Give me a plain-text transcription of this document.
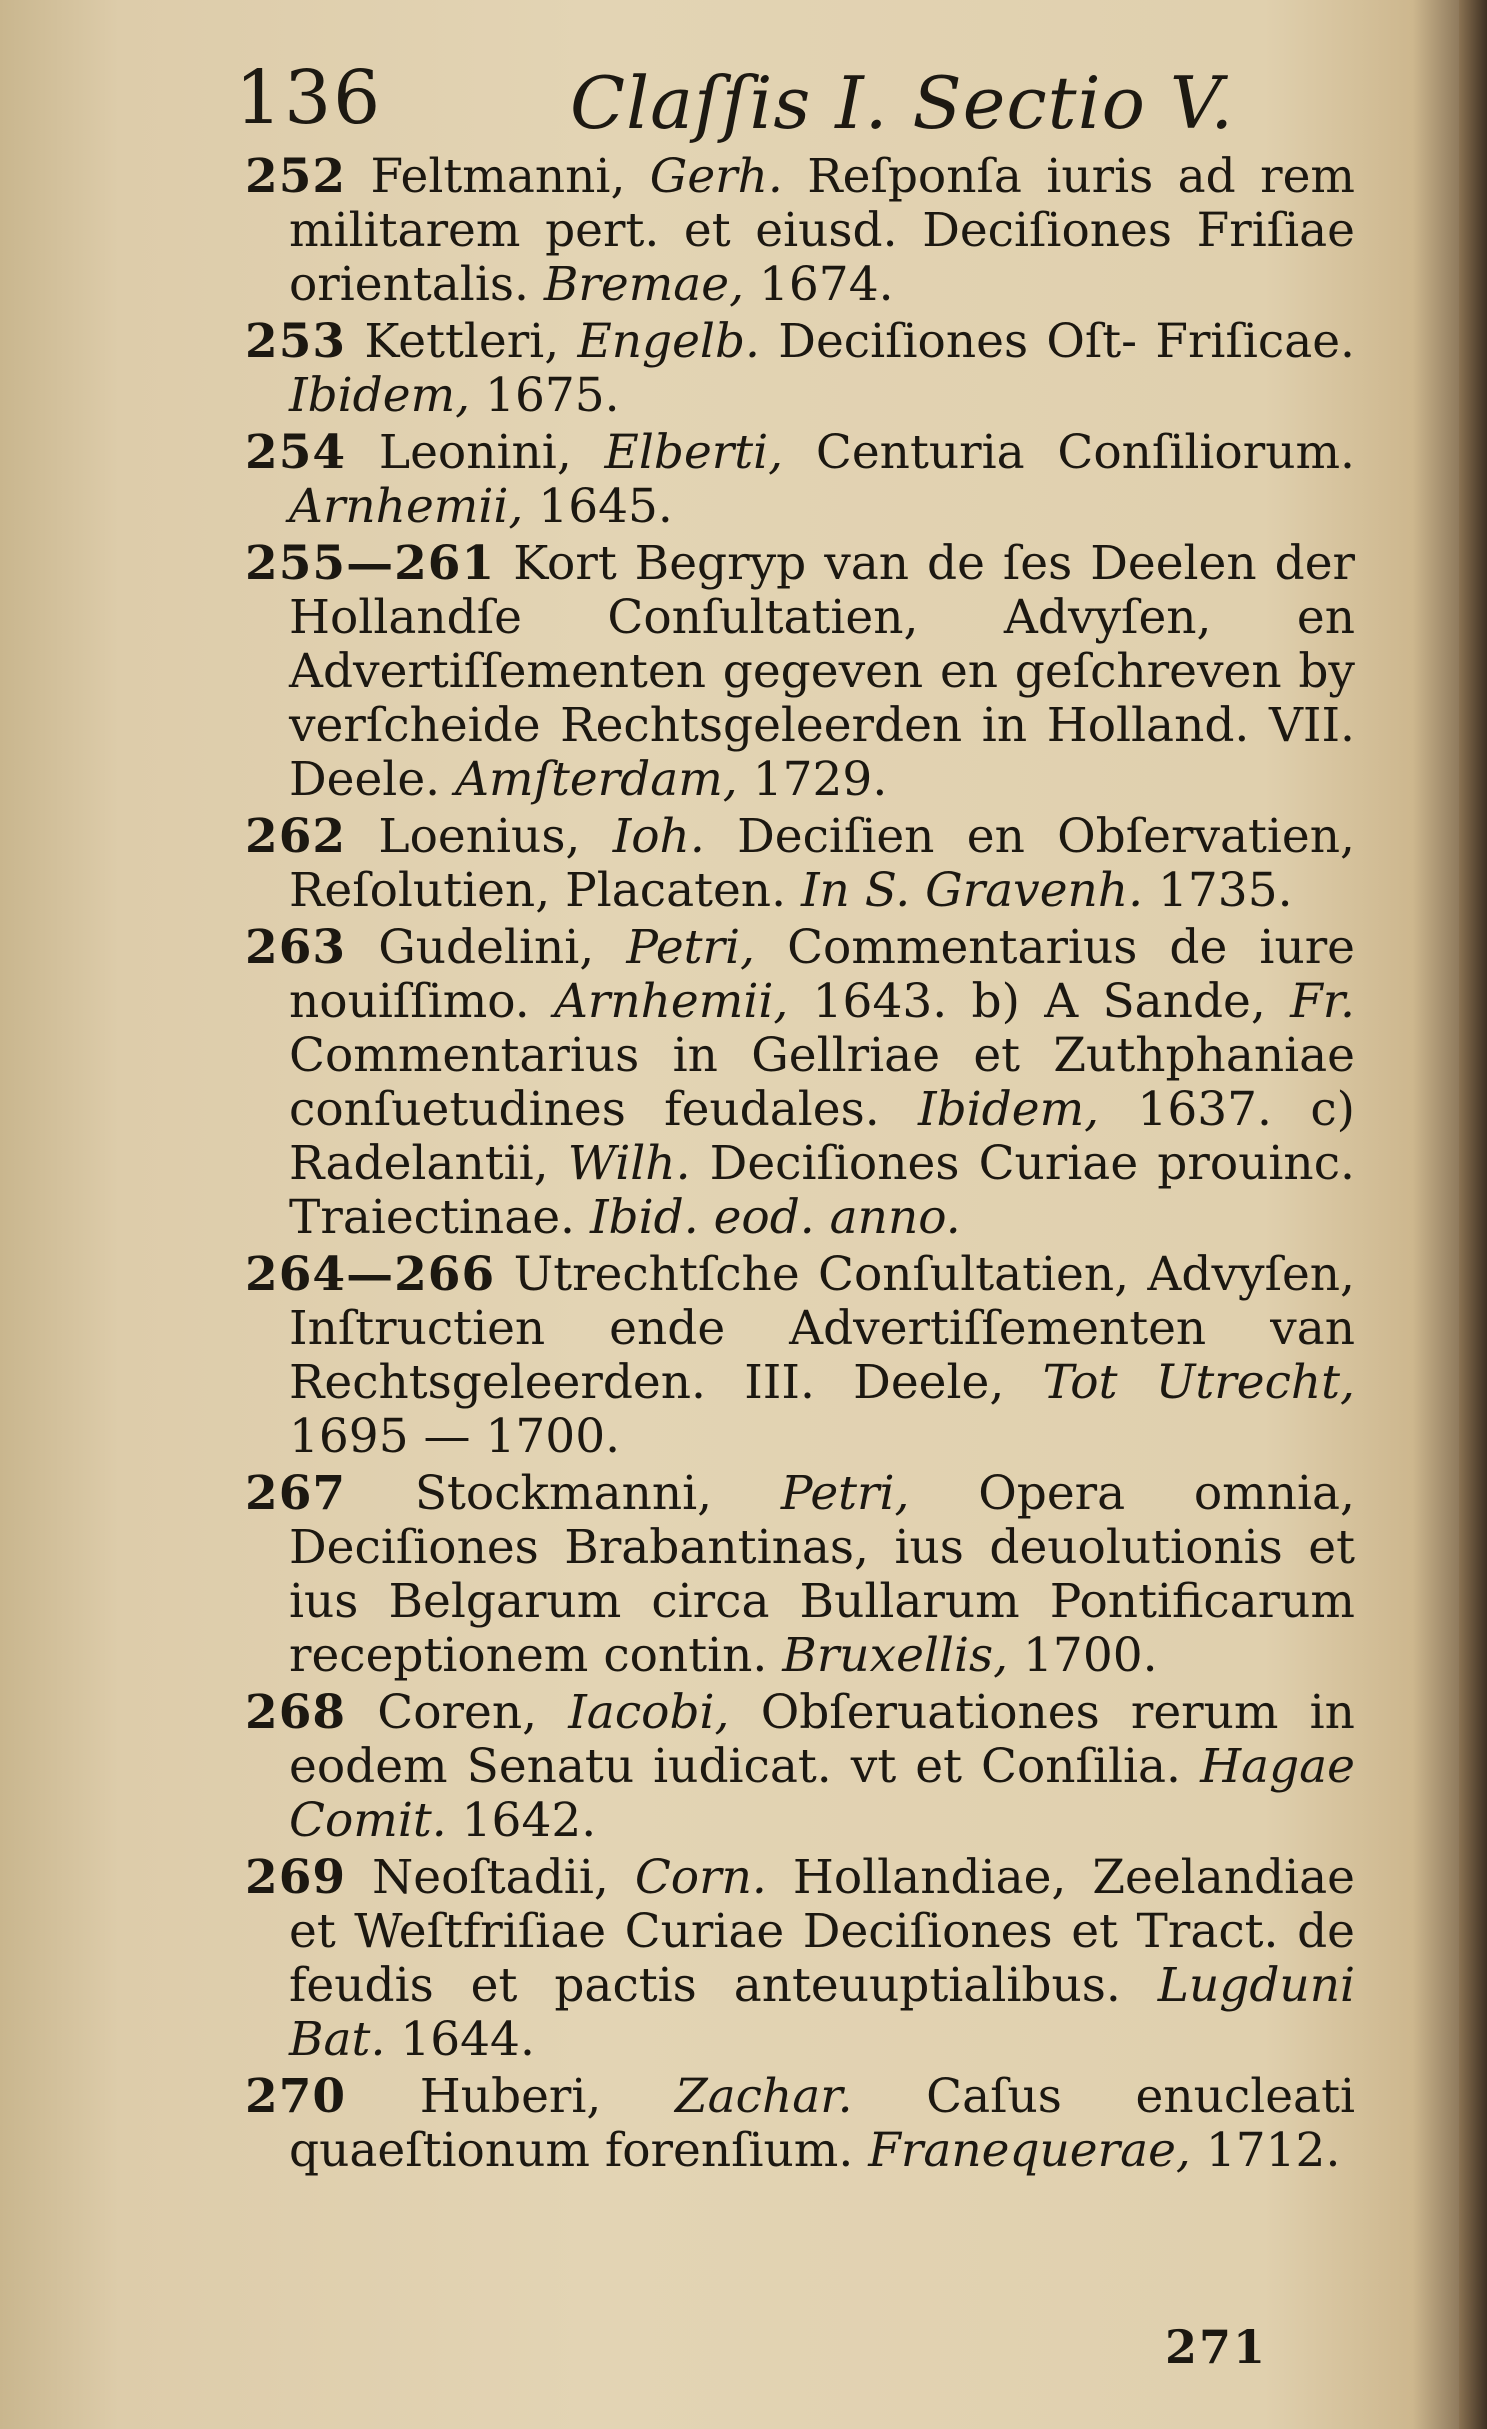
136	Claſſis I. Sectio V.

252 Feltmanni, Gerh. Reſponſa iuris ad rem militarem pert. et eiusd. Deciſiones Friſiae orientalis. Bremae, 1674.

253 Kettleri, Engelb. Deciſiones Oſt- Friſicae. Ibidem, 1675.

254 Leonini, Elberti, Centuria Conſiliorum. Arnhemii, 1645.

255—261 Kort Begryp van de ſes Deelen der Hollandſe Conſultatien, Advyſen, en Advertiſſementen gegeven en geſchreven by verſcheide Rechtsgeleerden in Holland. VII. Deele. Amſterdam, 1729.

262 Loenius, Ioh. Deciſien en Obſervatien, Reſolutien, Placaten. In S. Gravenh. 1735.

263 Gudelini, Petri, Commentarius de iure nouiſſimo. Arnhemii, 1643. b) A Sande, Fr. Commentarius in Gellriae et Zuthphaniae conſuetudines feudales. Ibidem, 1637. c) Radelantii, Wilh. Deciſiones Curiae prouinc. Traiectinae. Ibid. eod. anno.

264—266 Utrechtſche Conſultatien, Advyſen, Inſtructien ende Advertiſſementen van Rechtsgeleerden. III. Deele, Tot Utrecht, 1695 — 1700.

267 Stockmanni, Petri, Opera omnia, Deciſiones Brabantinas, ius deuolutionis et ius Belgarum circa Bullarum Pontificarum receptionem contin. Bruxellis, 1700.

268 Coren, Iacobi, Obſeruationes rerum in eodem Senatu iudicat. vt et Conſilia. Hagae Comit. 1642.

269 Neoſtadii, Corn. Hollandiae, Zeelandiae et Weſtfriſiae Curiae Deciſiones et Tract. de feudis et pactis anteuuptialibus. Lugduni Bat. 1644.

270 Huberi, Zachar. Caſus enucleati quaeſtionum forenſium. Franequerae, 1712.

271
